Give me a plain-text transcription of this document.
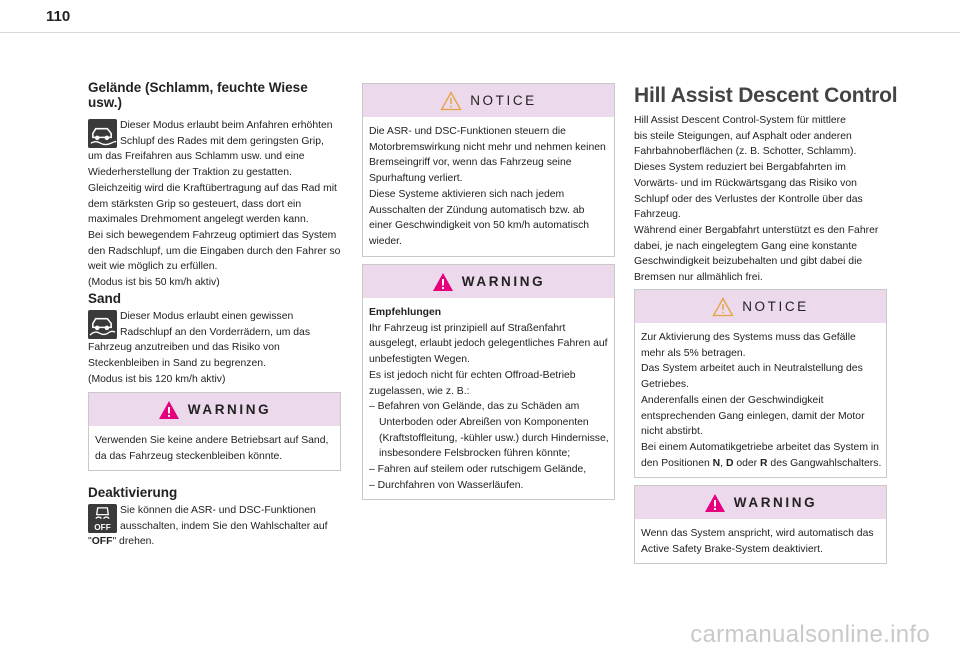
110
Gelände (Schlamm, feuchte Wiese usw.)
Dieser Modus erlaubt beim Anfahren erhöhten
Schlupf des Rades mit dem geringsten Grip,
um das Freifahren aus Schlamm usw. und eine
Wiederherstellung der Traktion zu gestatten.
Gleichzeitig wird die Kraftübertragung auf das Rad mit
dem stärksten Grip so gesteuert, dass dort ein
maximales Drehmoment angelegt werden kann.
Bei sich bewegendem Fahrzeug optimiert das System
den Radschlupf, um die Eingaben durch den Fahrer so
weit wie möglich zu erfüllen.
(Modus ist bis 50 km/h aktiv)
Sand
Dieser Modus erlaubt einen gewissen
Radschlupf an den Vorderrädern, um das
Fahrzeug anzutreiben und das Risiko von
Steckenbleiben in Sand zu begrenzen.
(Modus ist bis 120 km/h aktiv)
WARNING
Verwenden Sie keine andere Betriebsart auf Sand,
da das Fahrzeug steckenbleiben könnte.
Deaktivierung
OFF
Sie können die ASR- und DSC-Funktionen
ausschalten, indem Sie den Wahlschalter auf
"OFF" drehen.
NOTICE
Die ASR- und DSC-Funktionen steuern die
Motorbremswirkung nicht mehr und nehmen keinen
Bremseingriff vor, wenn das Fahrzeug seine
Spurhaftung verliert.
Diese Systeme aktivieren sich nach jedem
Ausschalten der Zündung automatisch bzw. ab
einer Geschwindigkeit von 50 km/h automatisch
wieder.
WARNING
Empfehlungen
Ihr Fahrzeug ist prinzipiell auf Straßenfahrt
ausgelegt, erlaubt jedoch gelegentliches Fahren auf
unbefestigten Wegen.
Es ist jedoch nicht für echten Offroad-Betrieb
zugelassen, wie z. B.:
– Befahren von Gelände, das zu Schäden am
Unterboden oder Abreißen von Komponenten
(Kraftstoffleitung, -kühler usw.) durch Hindernisse,
insbesondere Felsbrocken führen könnte;
– Fahren auf steilem oder rutschigem Gelände,
– Durchfahren von Wasserläufen.
Hill Assist Descent Control
Hill Assist Descent Control-System für mittlere
bis steile Steigungen, auf Asphalt oder anderen
Fahrbahnoberflächen (z. B. Schotter, Schlamm).
Dieses System reduziert bei Bergabfahrten im
Vorwärts- und im Rückwärtsgang das Risiko von
Schlupf oder des Verlustes der Kontrolle über das
Fahrzeug.
Während einer Bergabfahrt unterstützt es den Fahrer
dabei, je nach eingelegtem Gang eine konstante
Geschwindigkeit beizubehalten und gibt dabei die
Bremsen nur allmählich frei.
NOTICE
Zur Aktivierung des Systems muss das Gefälle
mehr als 5% betragen.
Das System arbeitet auch in Neutralstellung des
Getriebes.
Anderenfalls einen der Geschwindigkeit
entsprechenden Gang einlegen, damit der Motor
nicht abstirbt.
Bei einem Automatikgetriebe arbeitet das System in
den Positionen N, D oder R des Gangwahlschalters.
WARNING
Wenn das System anspricht, wird automatisch das
Active Safety Brake-System deaktiviert.
carmanualsonline.info
